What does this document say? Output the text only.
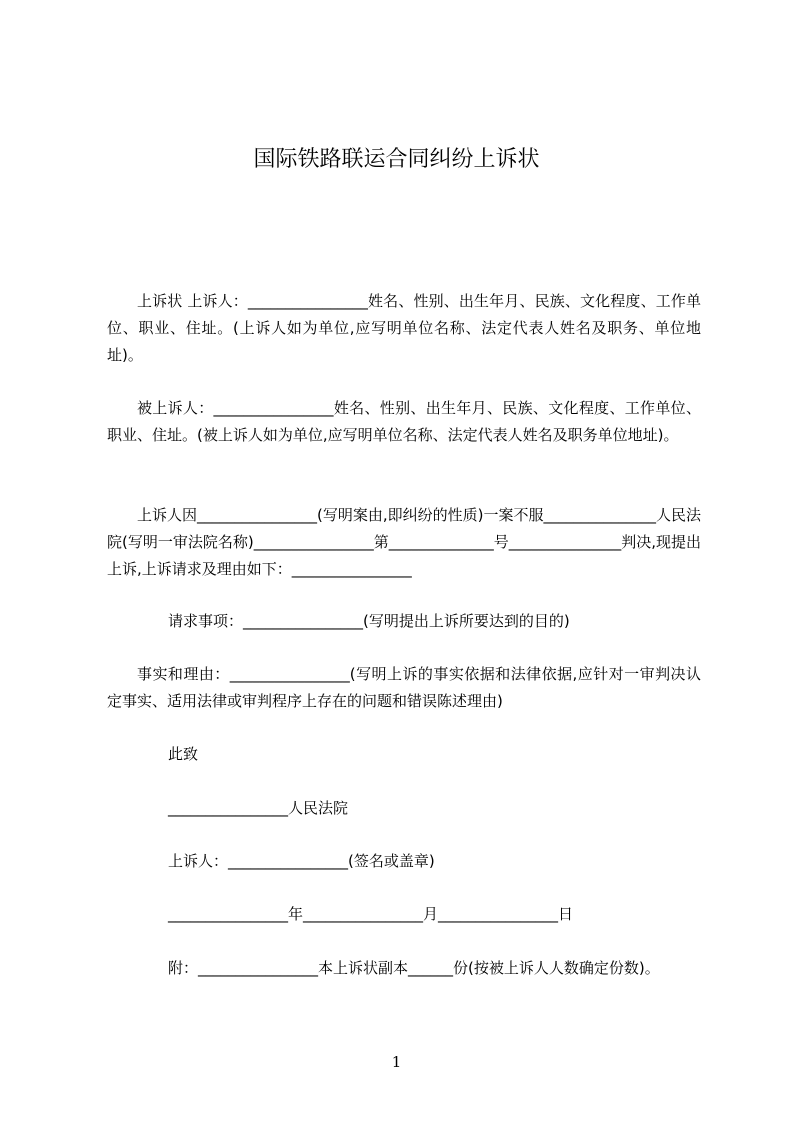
国际铁路联运合同纠纷上诉状
上诉状 上诉人：________________姓名、性别、出生年月、民族、文化程度、工作单位、职业、住址。(上诉人如为单位,应写明单位名称、法定代表人姓名及职务、单位地址)。
被上诉人：________________姓名、性别、出生年月、民族、文化程度、工作单位、职业、住址。(被上诉人如为单位,应写明单位名称、法定代表人姓名及职务单位地址)。
上诉人因________________(写明案由,即纠纷的性质)一案不服_______________人民法院(写明一审法院名称)________________第______________号_______________判决,现提出上诉,上诉请求及理由如下：________________
请求事项：________________(写明提出上诉所要达到的目的)
事实和理由：________________(写明上诉的事实依据和法律依据,应针对一审判决认定事实、适用法律或审判程序上存在的问题和错误陈述理由)
此致
________________人民法院
上诉人：________________(签名或盖章)
________________年________________月________________日
附：________________本上诉状副本______份(按被上诉人人数确定份数)。
1
